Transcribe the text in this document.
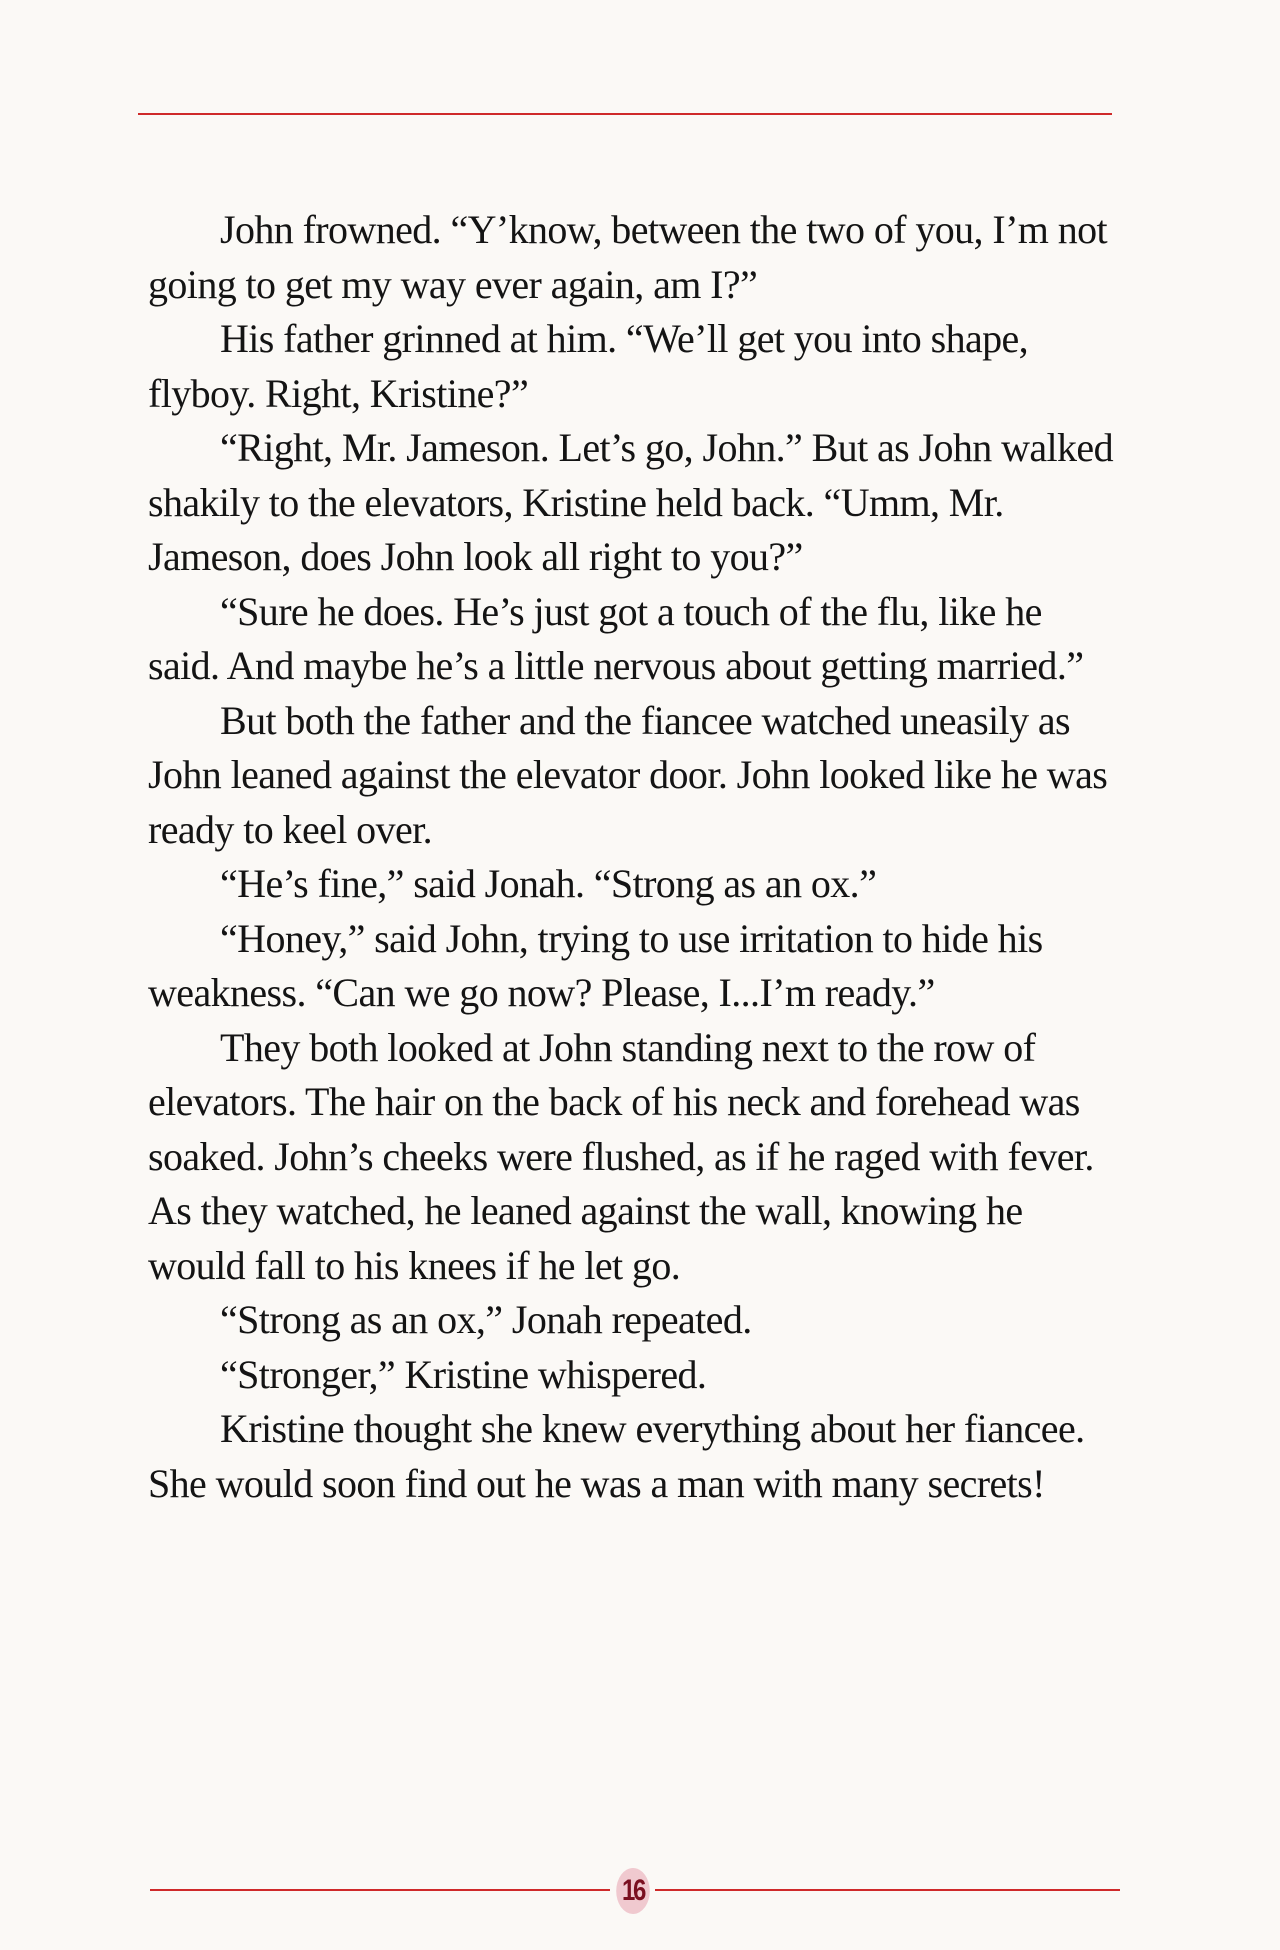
John frowned. “Y’know, between the two of you, I’m not going to get my way ever again, am I?”

His father grinned at him. “We’ll get you into shape, flyboy. Right, Kristine?”

“Right, Mr. Jameson. Let’s go, John.” But as John walked shakily to the elevators, Kristine held back. “Umm, Mr. Jameson, does John look all right to you?”

“Sure he does. He’s just got a touch of the flu, like he said. And maybe he’s a little nervous about getting married.”

But both the father and the fiancee watched uneasily as John leaned against the elevator door. John looked like he was ready to keel over.

“He’s fine,” said Jonah. “Strong as an ox.”

“Honey,” said John, trying to use irritation to hide his weakness. “Can we go now? Please, I...I’m ready.”

They both looked at John standing next to the row of elevators. The hair on the back of his neck and forehead was soaked. John’s cheeks were flushed, as if he raged with fever. As they watched, he leaned against the wall, knowing he would fall to his knees if he let go.

“Strong as an ox,” Jonah repeated.

“Stronger,” Kristine whispered.

Kristine thought she knew everything about her fiancee. She would soon find out he was a man with many secrets!

16
